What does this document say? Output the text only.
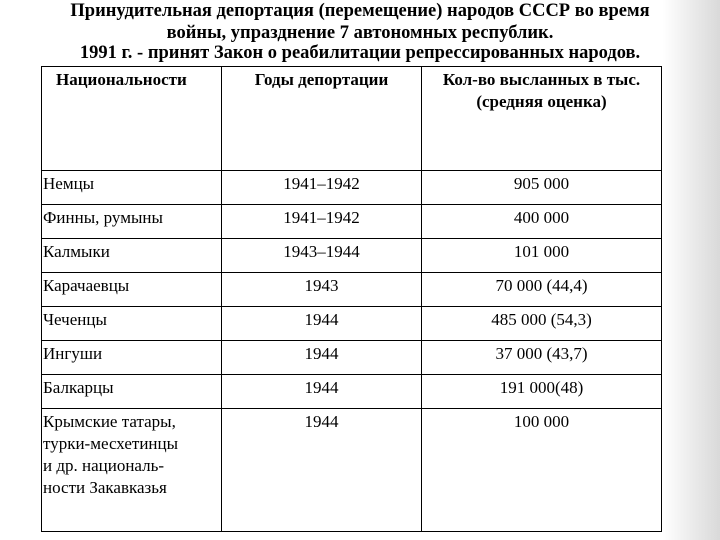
Принудительная депортация (перемещение) народов СССР во время
войны, упразднение 7 автономных республик.
1991 г. - принят Закон о реабилитации репрессированных народов.
Национальности	Годы депортации	Кол-во высланных в тыс.
(средняя оценка)

Немцы	1941–1942	905 000
Финны, румыны	1941–1942	400 000
Калмыки	1943–1944	101 000
Карачаевцы	1943	70 000 (44,4)
Чеченцы	1944	485 000 (54,3)
Ингуши	1944	37 000 (43,7)
Балкарцы	1944	191 000(48)

Крымские татары,
турки-месхетинцы
и др. националь-
ности Закавказья	1944	100 000
